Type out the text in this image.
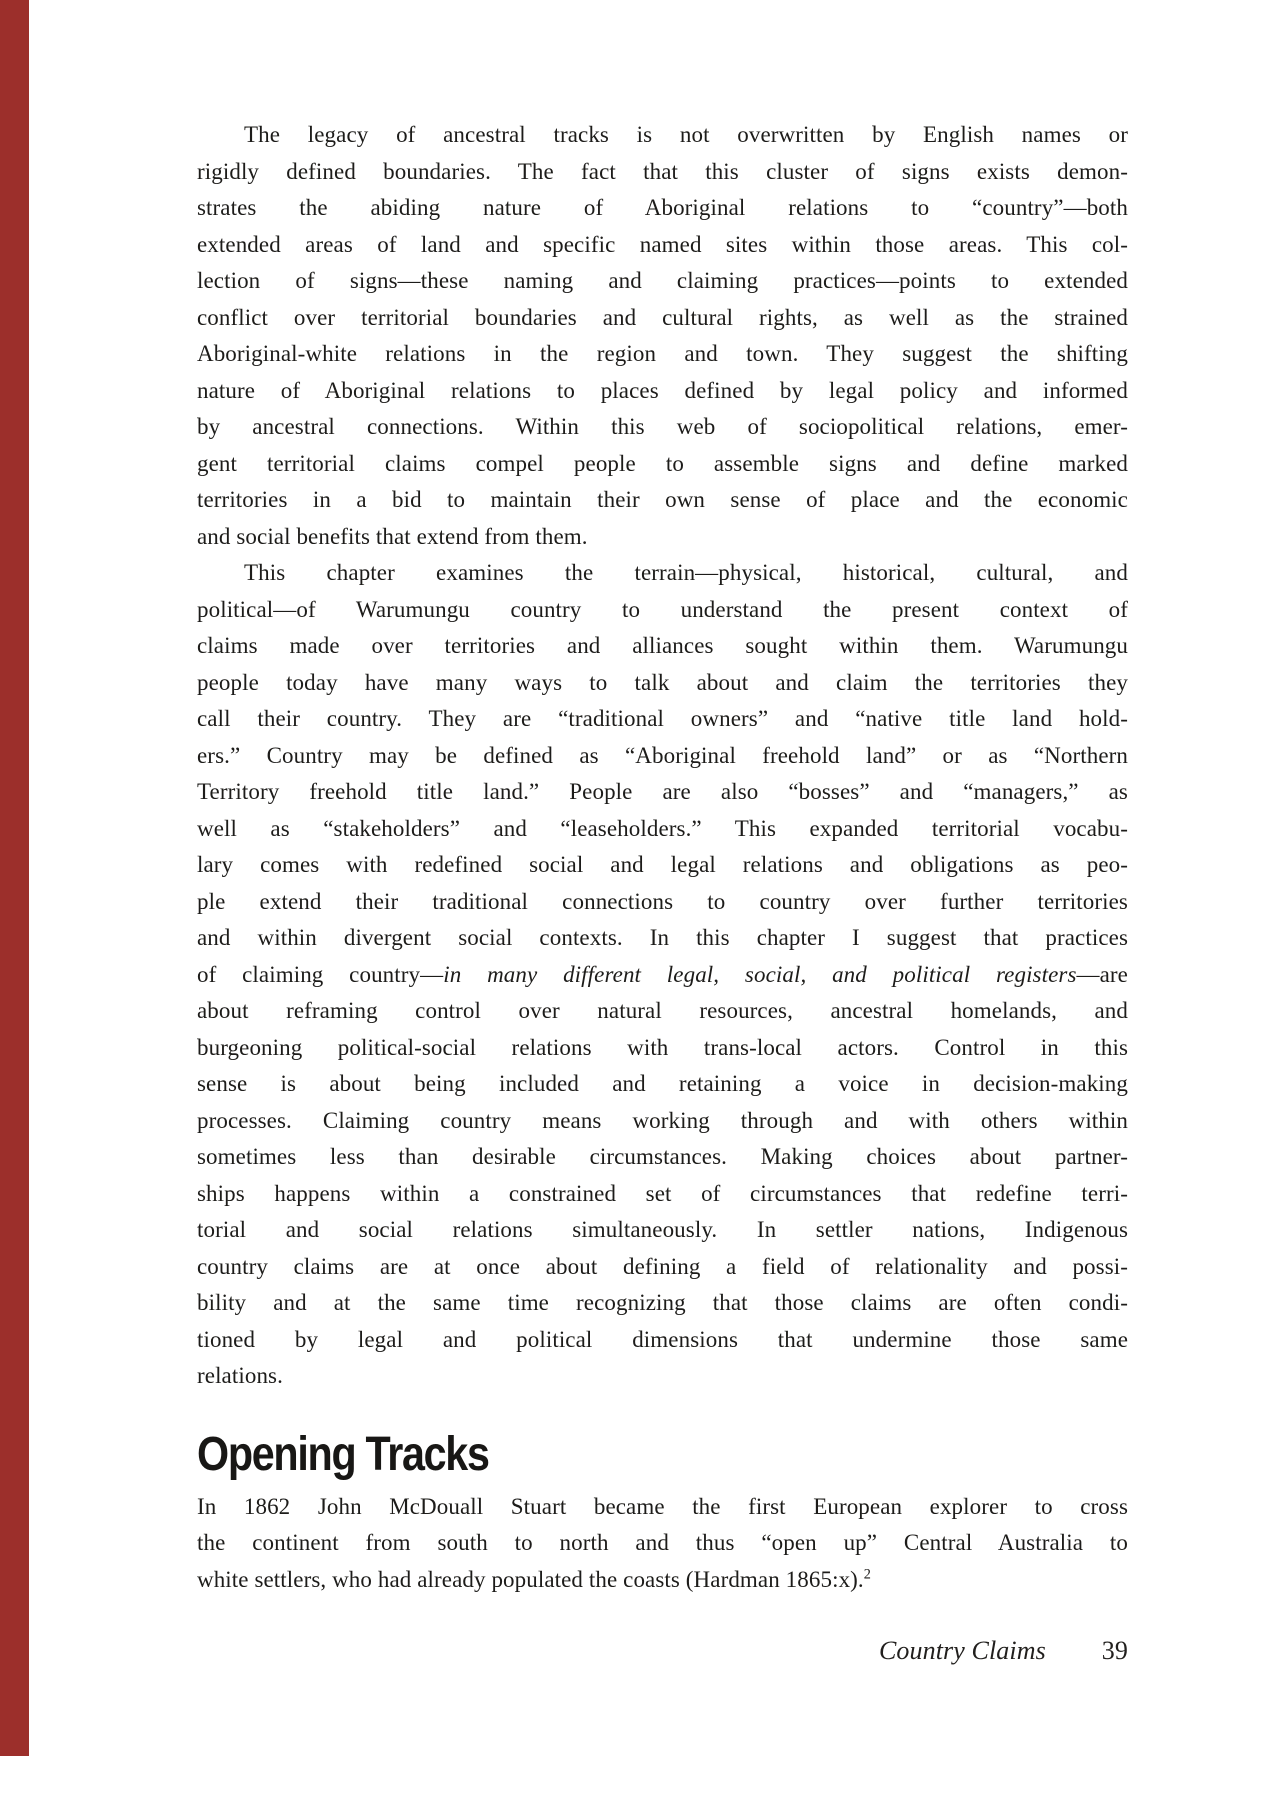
The legacy of ancestral tracks is not overwritten by English names or
rigidly defined boundaries. The fact that this cluster of signs exists demon-
strates the abiding nature of Aboriginal relations to “country”—both
extended areas of land and specific named sites within those areas. This col-
lection of signs—these naming and claiming practices—points to extended
conflict over territorial boundaries and cultural rights, as well as the strained
Aboriginal-white relations in the region and town. They suggest the shifting
nature of Aboriginal relations to places defined by legal policy and informed
by ancestral connections. Within this web of sociopolitical relations, emer-
gent territorial claims compel people to assemble signs and define marked
territories in a bid to maintain their own sense of place and the economic
and social benefits that extend from them.
This chapter examines the terrain—physical, historical, cultural, and
political—of Warumungu country to understand the present context of
claims made over territories and alliances sought within them. Warumungu
people today have many ways to talk about and claim the territories they
call their country. They are “traditional owners” and “native title land hold-
ers.” Country may be defined as “Aboriginal freehold land” or as “Northern
Territory freehold title land.” People are also “bosses” and “managers,” as
well as “stakeholders” and “leaseholders.” This expanded territorial vocabu-
lary comes with redefined social and legal relations and obligations as peo-
ple extend their traditional connections to country over further territories
and within divergent social contexts. In this chapter I suggest that practices
of claiming country—in many different legal, social, and political registers—are
about reframing control over natural resources, ancestral homelands, and
burgeoning political-social relations with trans-local actors. Control in this
sense is about being included and retaining a voice in decision-making
processes. Claiming country means working through and with others within
sometimes less than desirable circumstances. Making choices about partner-
ships happens within a constrained set of circumstances that redefine terri-
torial and social relations simultaneously. In settler nations, Indigenous
country claims are at once about defining a field of relationality and possi-
bility and at the same time recognizing that those claims are often condi-
tioned by legal and political dimensions that undermine those same
relations.
Opening Tracks
In 1862 John McDouall Stuart became the first European explorer to cross
the continent from south to north and thus “open up” Central Australia to
white settlers, who had already populated the coasts (Hardman 1865:x).$^2$
Country Claims 39
